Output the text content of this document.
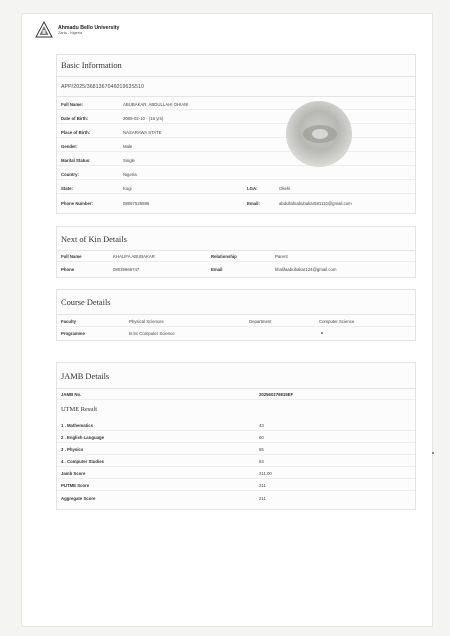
Ahmadu Bello University
Zaria - Nigeria
Basic Information
APP/2025/368136704601963S510
Full Name:	ABUBAKAR, ABDULLAHI OHIANI
Date of Birth:	2009-02-10 - (16 yrs)
Place of Birth:	NASARAWA STATE
Gender:	Male
Marital Status:	Single
Country:	Nigeria
State:	Kogi	LGA:	Okehi
Phone Number:	08067526586	Email:	abdullahiabubakar581110@gmail.com
Next of Kin Details
Full Name	KHALIFA ABUBAKAR	Relationship	Parent
Phone	08039666747	Email	khalifaabubakar124@gmail.com
Course Details
Faculty	Physical Sciences	Department	Computer Science
Programme	B.Sc Computer Science
JAMB Details
JAMB No.	202560276815EF
UTME Result
1 . Mathematics	43
2 . English Language	60
3 . Physics	55
4 . Computer Studies	53
Jamb Score	211.00
PUTME Score	211
Aggregate Score	211
